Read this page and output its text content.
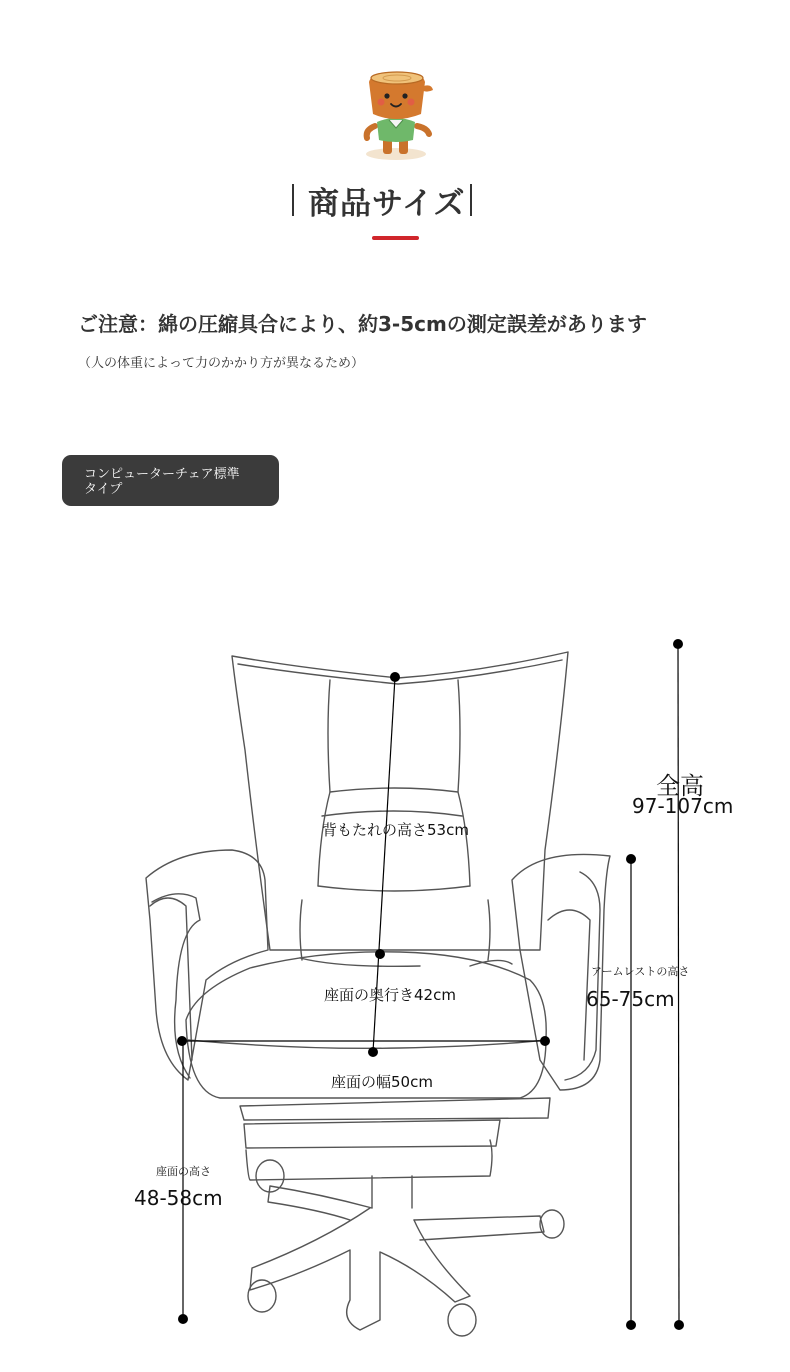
商品サイズ
ご注意：綿の圧縮具合により、約3-5cmの測定誤差があります
（人の体重によって力のかかり方が異なるため）
コンピューターチェア標準
タイプ
背もたれの高さ53cm
座面の奥行き42cm
座面の幅50cm
座面の高さ
48-58cm
全高
97-107cm
アームレストの高さ
65-75cm
